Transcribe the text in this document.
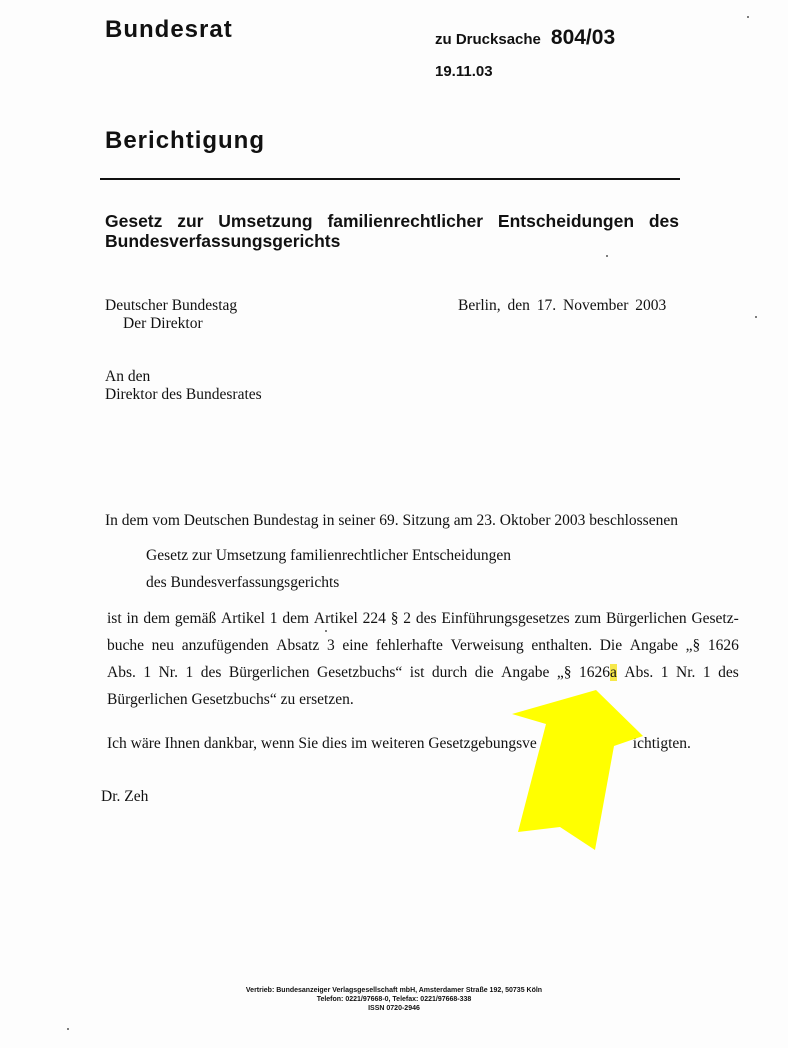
Bundesrat	zu Drucksache 804/03
19.11.03
Berichtigung
Gesetz zur Umsetzung familienrechtlicher Entscheidungen des
Bundesverfassungsgerichts
Deutscher Bundestag
Der Direktor
Berlin, den 17. November 2003
An den
Direktor des Bundesrates
In dem vom Deutschen Bundestag in seiner 69. Sitzung am 23. Oktober 2003 beschlossenen
Gesetz zur Umsetzung familienrechtlicher Entscheidungen
des Bundesverfassungsgerichts
ist in dem gemäß Artikel 1 dem Artikel 224 § 2 des Einführungsgesetzes zum Bürgerlichen Gesetz-
buche neu anzufügenden Absatz 3 eine fehlerhafte Verweisung enthalten. Die Angabe „§ 1626
Abs. 1 Nr. 1 des Bürgerlichen Gesetzbuchs“ ist durch die Angabe „§ 1626a Abs. 1 Nr. 1 des
Bürgerlichen Gesetzbuchs“ zu ersetzen.
Ich wäre Ihnen dankbar, wenn Sie dies im weiteren Gesetzgebungsve	ichtigten.
Dr. Zeh
Vertrieb: Bundesanzeiger Verlagsgesellschaft mbH, Amsterdamer Straße 192, 50735 Köln
Telefon: 0221/97668-0, Telefax: 0221/97668-338
ISSN 0720-2946
